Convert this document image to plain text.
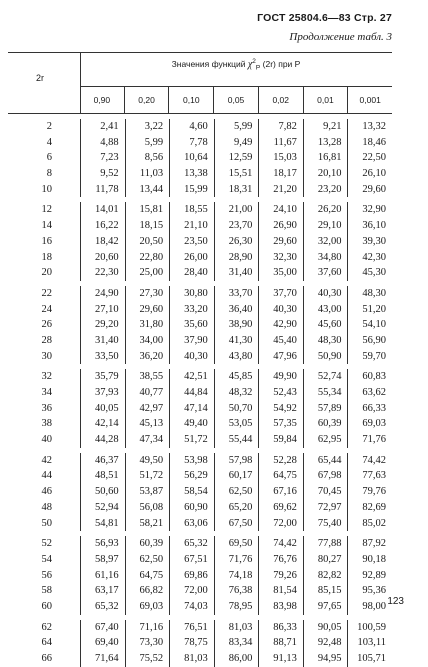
ГОСТ 25804.6—83 Стр. 27
Продолжение табл. 3
2r
Значения функций $\chi^2_P$ (2r) при P
0,90	0,20	0,10	0,05	0,02	0,01	0,001
2	2,41	3,22	4,60	5,99	7,82	9,21	13,32
4	4,88	5,99	7,78	9,49	11,67	13,28	18,46
6	7,23	8,56	10,64	12,59	15,03	16,81	22,50
8	9,52	11,03	13,38	15,51	18,17	20,10	26,10
10	11,78	13,44	15,99	18,31	21,20	23,20	29,60
12	14,01	15,81	18,55	21,00	24,10	26,20	32,90
14	16,22	18,15	21,10	23,70	26,90	29,10	36,10
16	18,42	20,50	23,50	26,30	29,60	32,00	39,30
18	20,60	22,80	26,00	28,90	32,30	34,80	42,30
20	22,30	25,00	28,40	31,40	35,00	37,60	45,30
22	24,90	27,30	30,80	33,70	37,70	40,30	48,30
24	27,10	29,60	33,20	36,40	40,30	43,00	51,20
26	29,20	31,80	35,60	38,90	42,90	45,60	54,10
28	31,40	34,00	37,90	41,30	45,40	48,30	56,90
30	33,50	36,20	40,30	43,80	47,96	50,90	59,70
32	35,79	38,55	42,51	45,85	49,90	52,74	60,83
34	37,93	40,77	44,84	48,32	52,43	55,34	63,62
36	40,05	42,97	47,14	50,70	54,92	57,89	66,33
38	42,14	45,13	49,40	53,05	57,35	60,39	69,03
40	44,28	47,34	51,72	55,44	59,84	62,95	71,76
42	46,37	49,50	53,98	57,98	52,28	65,44	74,42
44	48,51	51,72	56,29	60,17	64,75	67,98	77,63
46	50,60	53,87	58,54	62,50	67,16	70,45	79,76
48	52,94	56,08	60,90	65,20	69,62	72,97	82,69
50	54,81	58,21	63,06	67,50	72,00	75,40	85,02
52	56,93	60,39	65,32	69,50	74,42	77,88	87,92
54	58,97	62,50	67,51	71,76	76,76	80,27	90,18
56	61,16	64,75	69,86	74,18	79,26	82,82	92,89
58	63,17	66,82	72,00	76,38	81,54	85,15	95,36
60	65,32	69,03	74,03	78,95	83,98	97,65	98,00
62	67,40	71,16	76,51	81,03	86,33	90,05	100,59
64	69,40	73,30	78,75	83,34	88,71	92,48	103,11
66	71,64	75,52	81,03	86,00	91,13	94,95	105,71
123
